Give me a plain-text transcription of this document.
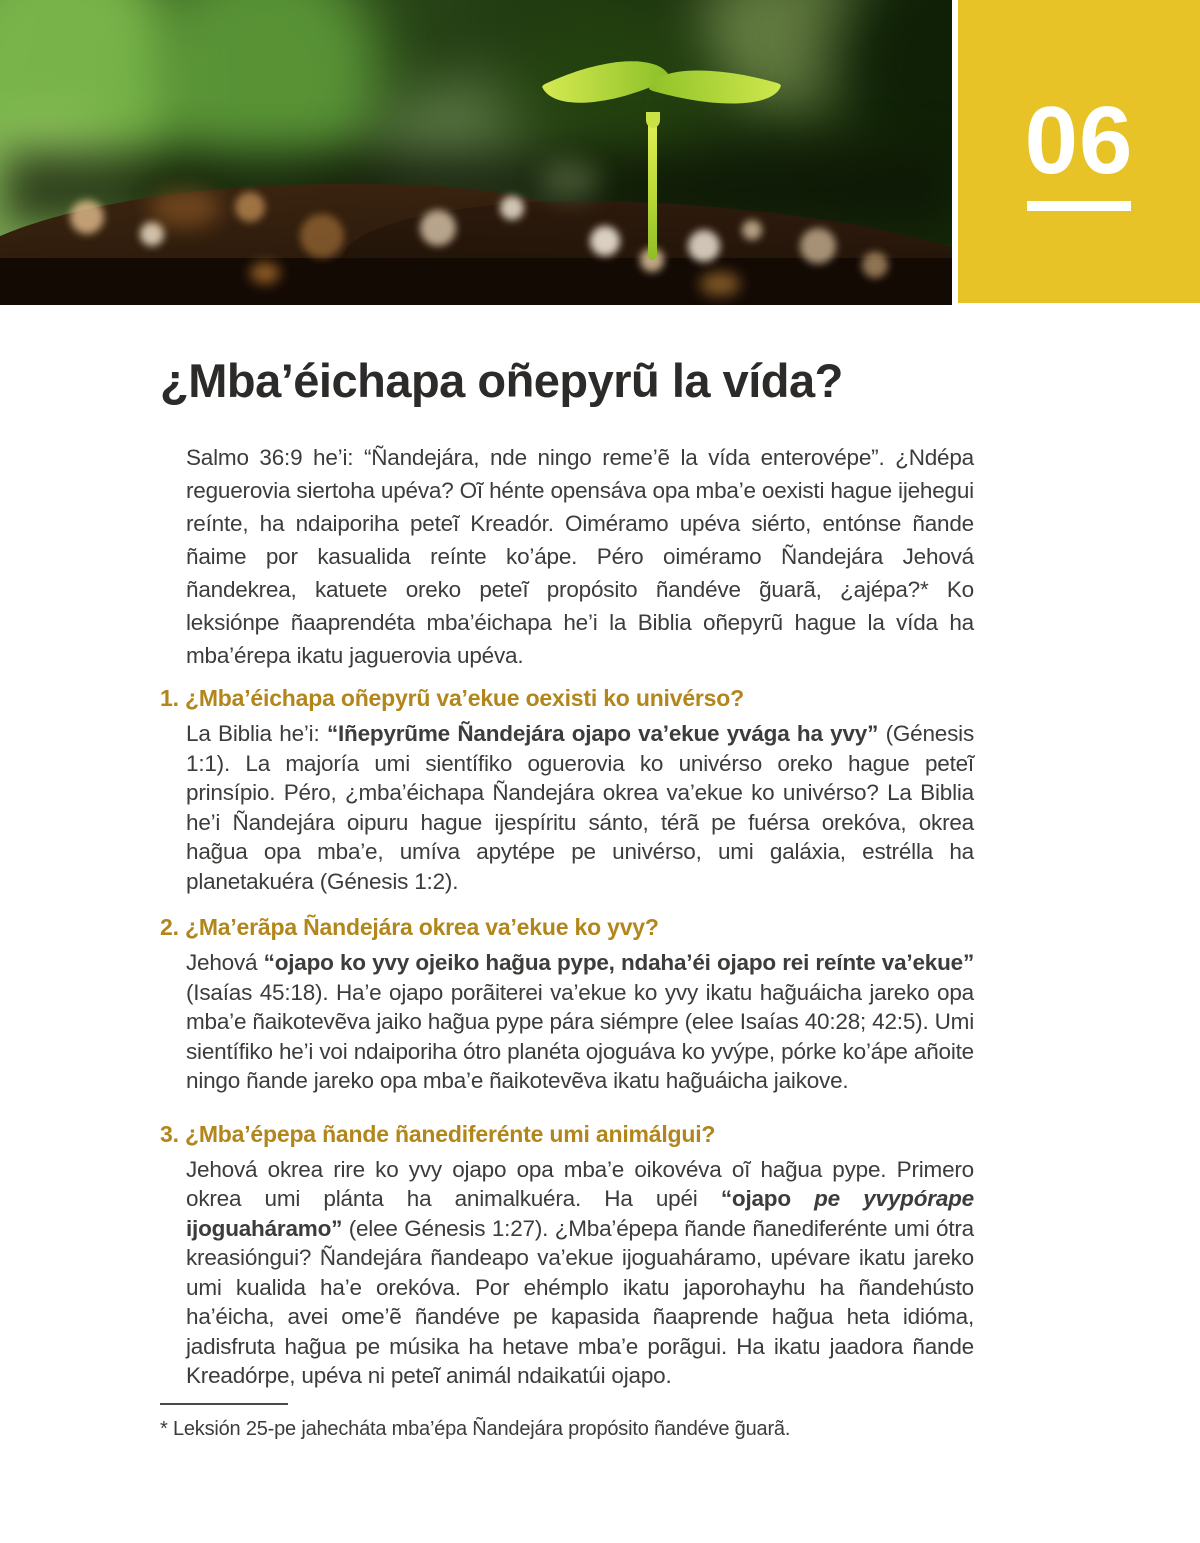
06
¿Mba’éichapa oñepyrũ la vída?

Salmo 36:9 he’i: “Ñandejára, nde ningo reme’ẽ la vída enterovépe”. ¿Ndépa reguerovia siertoha upéva? Oĩ hénte opensáva opa mba’e oexisti hague ijehegui reínte, ha ndaiporiha peteĩ Kreadór. Oiméramo upéva siérto, entónse ñande ñaime por kasualida reínte ko’ápe. Péro oiméramo Ñandejára Jehová ñandekrea, katuete oreko peteĩ propósito ñandéve g̃uarã, ¿ajépa?* Ko leksiónpe ñaaprendéta mba’éichapa he’i la Biblia oñepyrũ hague la vída ha mba’érepa ikatu jaguerovia upéva.

1. ¿Mba’éichapa oñepyrũ va’ekue oexisti ko univérso?

La Biblia he’i: “Iñepyrũme Ñandejára ojapo va’ekue yvága ha yvy” (Génesis 1:1). La majoría umi sientífiko oguerovia ko univérso oreko hague peteĩ prinsípio. Péro, ¿mba’éichapa Ñandejára okrea va’ekue ko univérso? La Biblia he’i Ñandejára oipuru hague ijespíritu sánto, térã pe fuérsa orekóva, okrea hag̃ua opa mba’e, umíva apytépe pe univérso, umi galáxia, estrélla ha planetakuéra (Génesis 1:2).

2. ¿Ma’erãpa Ñandejára okrea va’ekue ko yvy?

Jehová “ojapo ko yvy ojeiko hag̃ua pype, ndaha’éi ojapo rei reínte va’ekue” (Isaías 45:18). Ha’e ojapo porãiterei va’ekue ko yvy ikatu hag̃uáicha jareko opa mba’e ñaikotevẽva jaiko hag̃ua pype pára siémpre (elee Isaías 40:28; 42:5). Umi sientífiko he’i voi ndaiporiha ótro planéta ojoguáva ko yvýpe, pórke ko’ápe añoite ningo ñande jareko opa mba’e ñaikotevẽva ikatu hag̃uáicha jaikove.

3. ¿Mba’épepa ñande ñanediferénte umi animálgui?

Jehová okrea rire ko yvy ojapo opa mba’e oikovéva oĩ hag̃ua pype. Primero okrea umi plánta ha animalkuéra. Ha upéi “ojapo pe yvypórape ijoguaháramo” (elee Génesis 1:27). ¿Mba’épepa ñande ñanediferénte umi ótra kreasióngui? Ñandejára ñandeapo va’ekue ijoguaháramo, upévare ikatu jareko umi kualida ha’e orekóva. Por ehémplo ikatu japorohayhu ha ñandehústo ha’éicha, avei ome’ẽ ñandéve pe kapasida ñaaprende hag̃ua heta idióma, jadisfruta hag̃ua pe músika ha hetave mba’e porãgui. Ha ikatu jaadora ñande Kreadórpe, upéva ni peteĩ animál ndaikatúi ojapo.

* Leksión 25-pe jahecháta mba’épa Ñandejára propósito ñandéve g̃uarã.
